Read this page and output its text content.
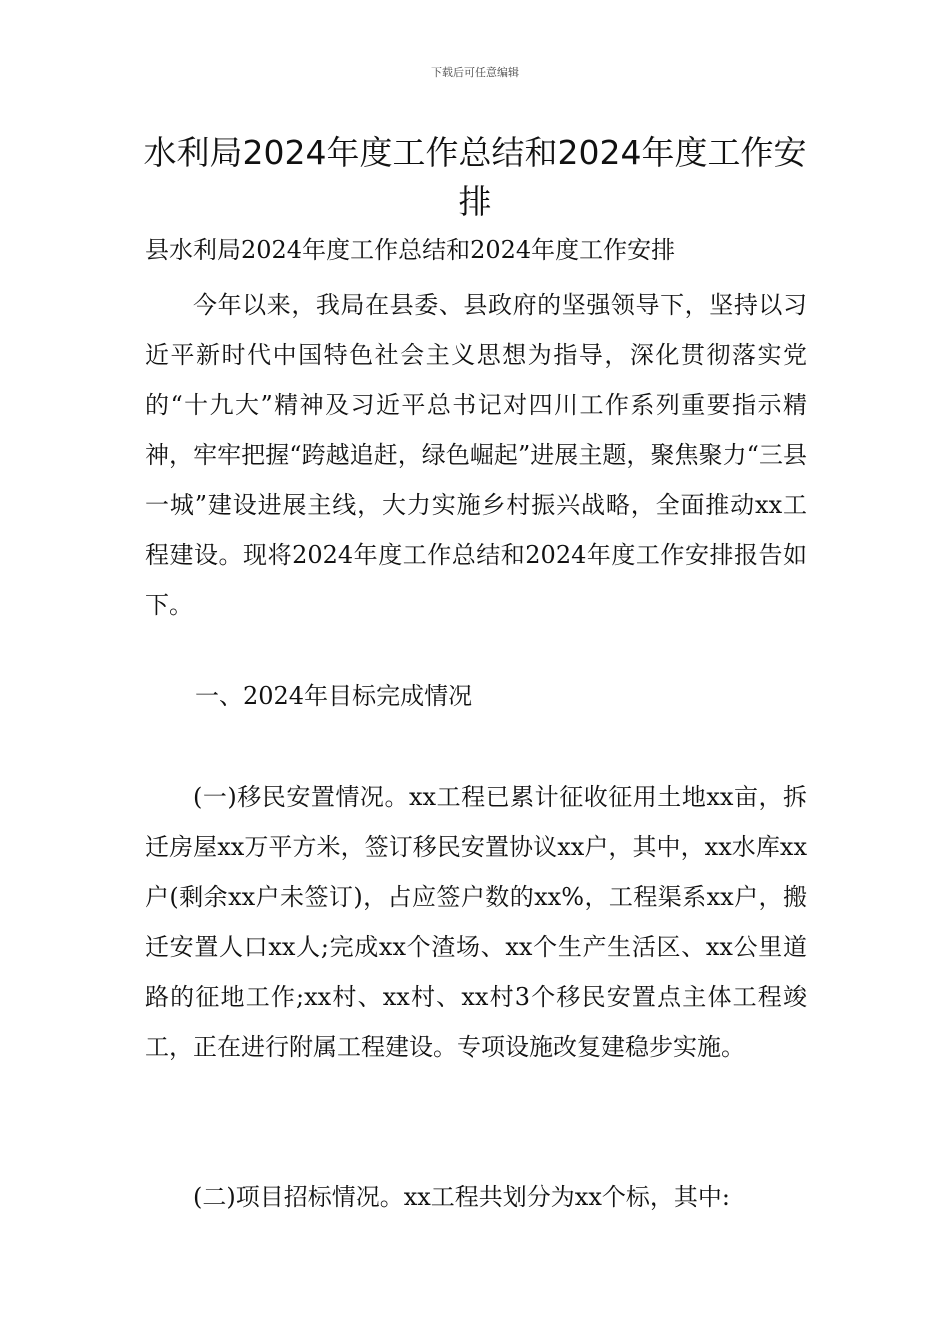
下载后可任意编辑
水利局2024年度工作总结和2024年度工作安排
县水利局2024年度工作总结和2024年度工作安排

今年以来，我局在县委、县政府的坚强领导下，坚持以习近平新时代中国特色社会主义思想为指导，深化贯彻落实党的“十九大”精神及习近平总书记对四川工作系列重要指示精神，牢牢把握“跨越追赶，绿色崛起”进展主题，聚焦聚力“三县一城”建设进展主线，大力实施乡村振兴战略，全面推动xx工程建设。现将2024年度工作总结和2024年度工作安排报告如下。

一、2024年目标完成情况

(一)移民安置情况。xx工程已累计征收征用土地xx亩，拆迁房屋xx万平方米，签订移民安置协议xx户，其中，xx水库xx户(剩余xx户未签订)，占应签户数的xx%，工程渠系xx户，搬迁安置人口xx人;完成xx个渣场、xx个生产生活区、xx公里道路的征地工作;xx村、xx村、xx村3个移民安置点主体工程竣工，正在进行附属工程建设。专项设施改复建稳步实施。

(二)项目招标情况。xx工程共划分为xx个标，其中:
